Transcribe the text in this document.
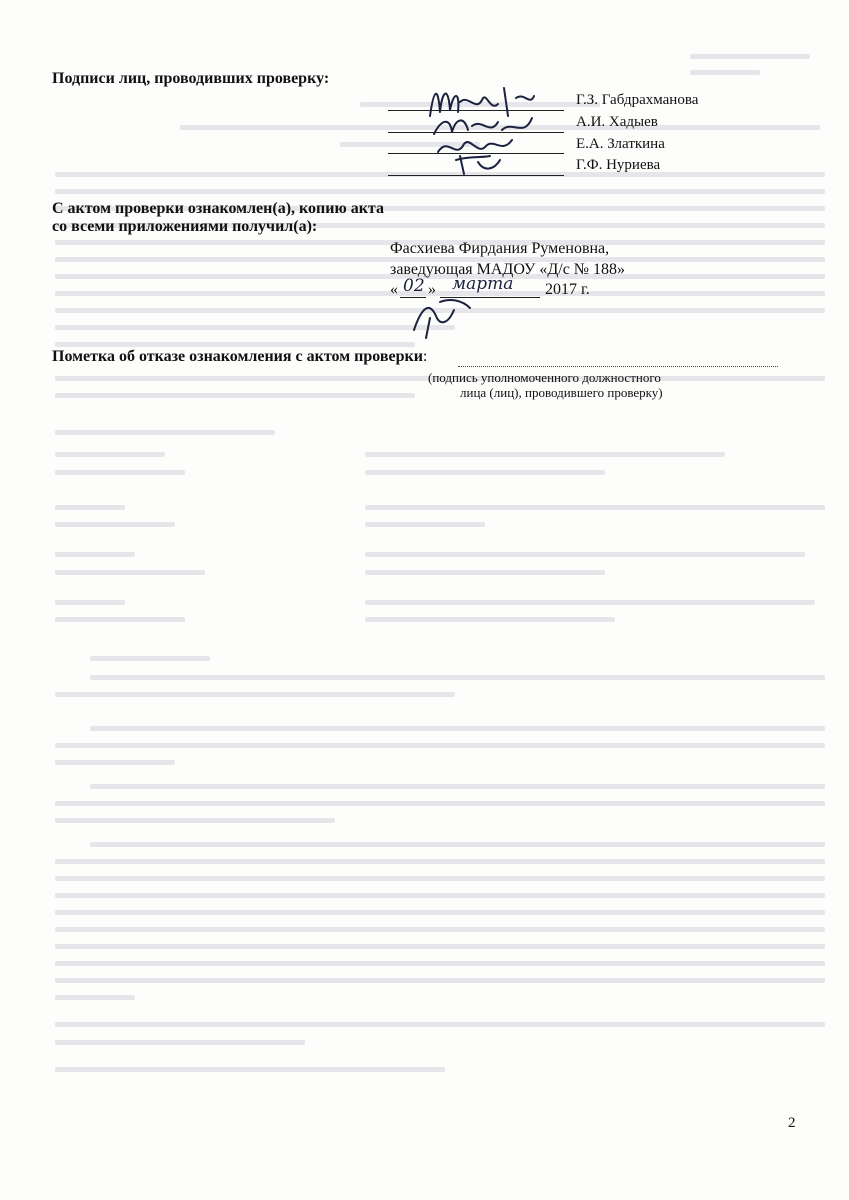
Подписи лиц, проводивших проверку:
Г.З. Габдрахманова
А.И. Хадыев
Е.А. Златкина
Г.Ф. Нуриева
С актом проверки ознакомлен(а), копию акта
со всеми приложениями получил(а):
Фасхиева Фирдания Руменовна,
заведующая МАДОУ «Д/с № 188»
« 02 » марта 2017 г.
Пометка об отказе ознакомления с актом проверки:
(подпись уполномоченного должностного
лица (лиц), проводившего проверку)
2
